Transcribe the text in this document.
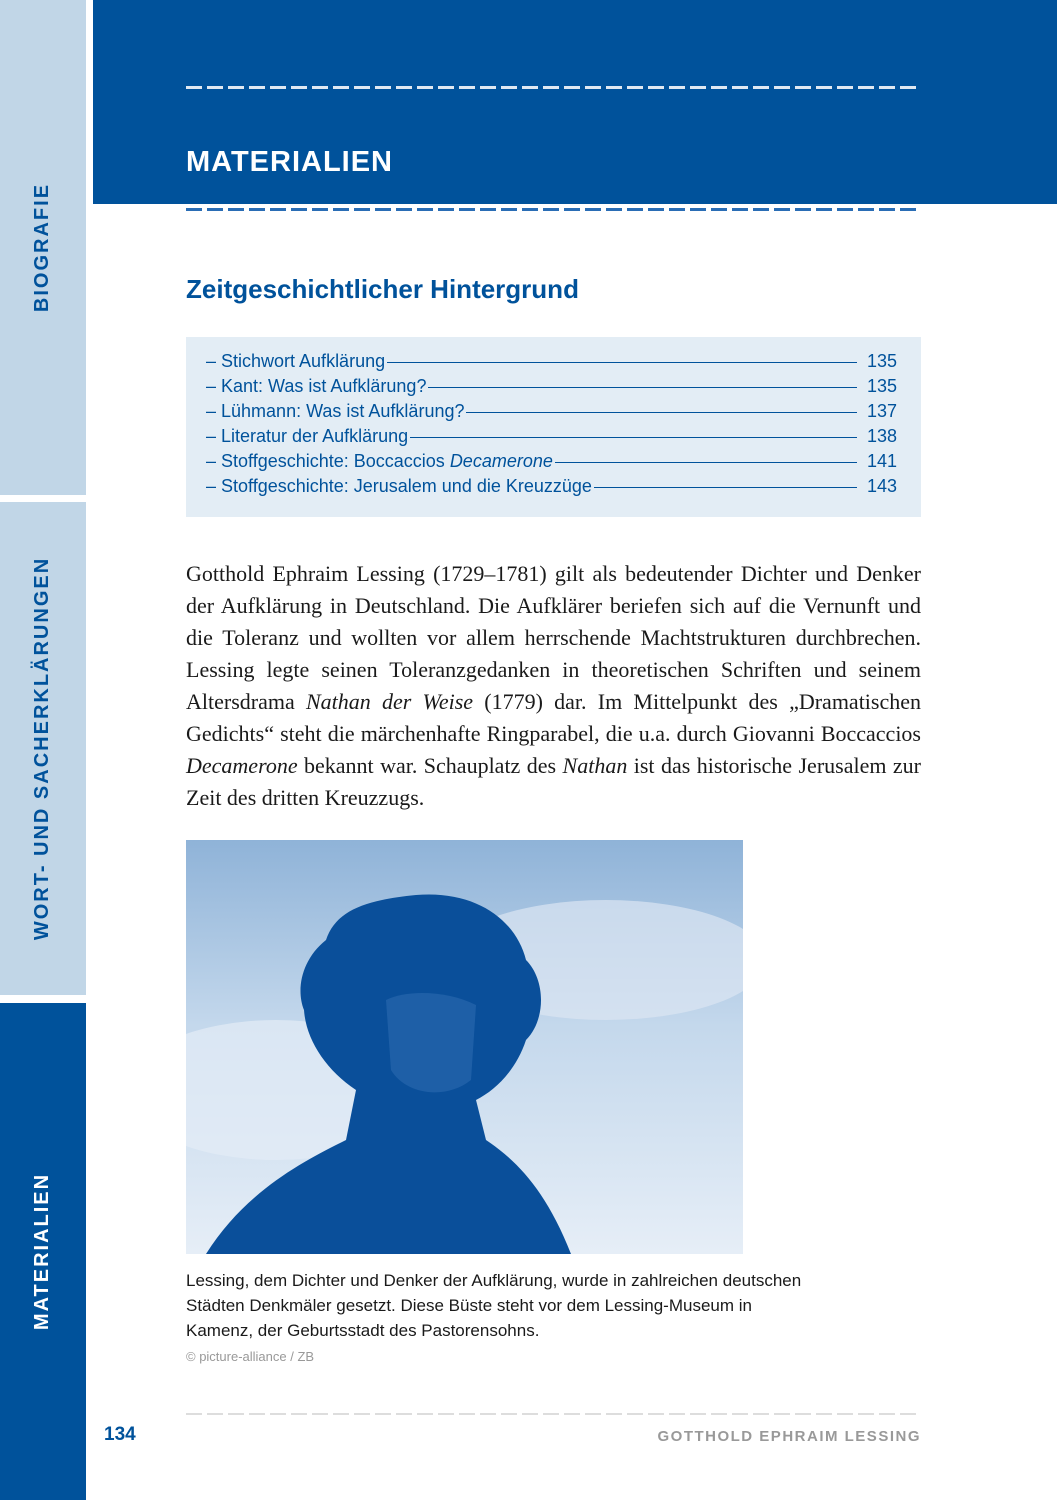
BIOGRAFIE
WORT- UND SACHERKLÄRUNGEN
MATERIALIEN
MATERIALIEN
Zeitgeschichtlicher Hintergrund
– Stichwort Aufklärung	135
– Kant: Was ist Aufklärung?	135
– Lühmann: Was ist Aufklärung?	137
– Literatur der Aufklärung	138
– Stoffgeschichte: Boccaccios Decamerone	141
– Stoffgeschichte: Jerusalem und die Kreuzzüge	143
Gotthold Ephraim Lessing (1729–1781) gilt als bedeutender Dichter und Denker der Aufklärung in Deutschland. Die Aufklärer beriefen sich auf die Vernunft und die Toleranz und wollten vor allem herrschende Machtstrukturen durchbrechen. Lessing legte seinen Toleranzgedanken in theoretischen Schriften und seinem Altersdrama Nathan der Weise (1779) dar. Im Mittelpunkt des „Dramatischen Gedichts“ steht die märchenhafte Ringparabel, die u.a. durch Giovanni Boccaccios Decamerone bekannt war. Schauplatz des Nathan ist das historische Jerusalem zur Zeit des dritten Kreuzzugs.
Lessing, dem Dichter und Denker der Aufklärung, wurde in zahlreichen deutschen Städten Denkmäler gesetzt. Diese Büste steht vor dem Lessing-Museum in Kamenz, der Geburtsstadt des Pastorensohns.
© picture-alliance / ZB
134	GOTTHOLD EPHRAIM LESSING
